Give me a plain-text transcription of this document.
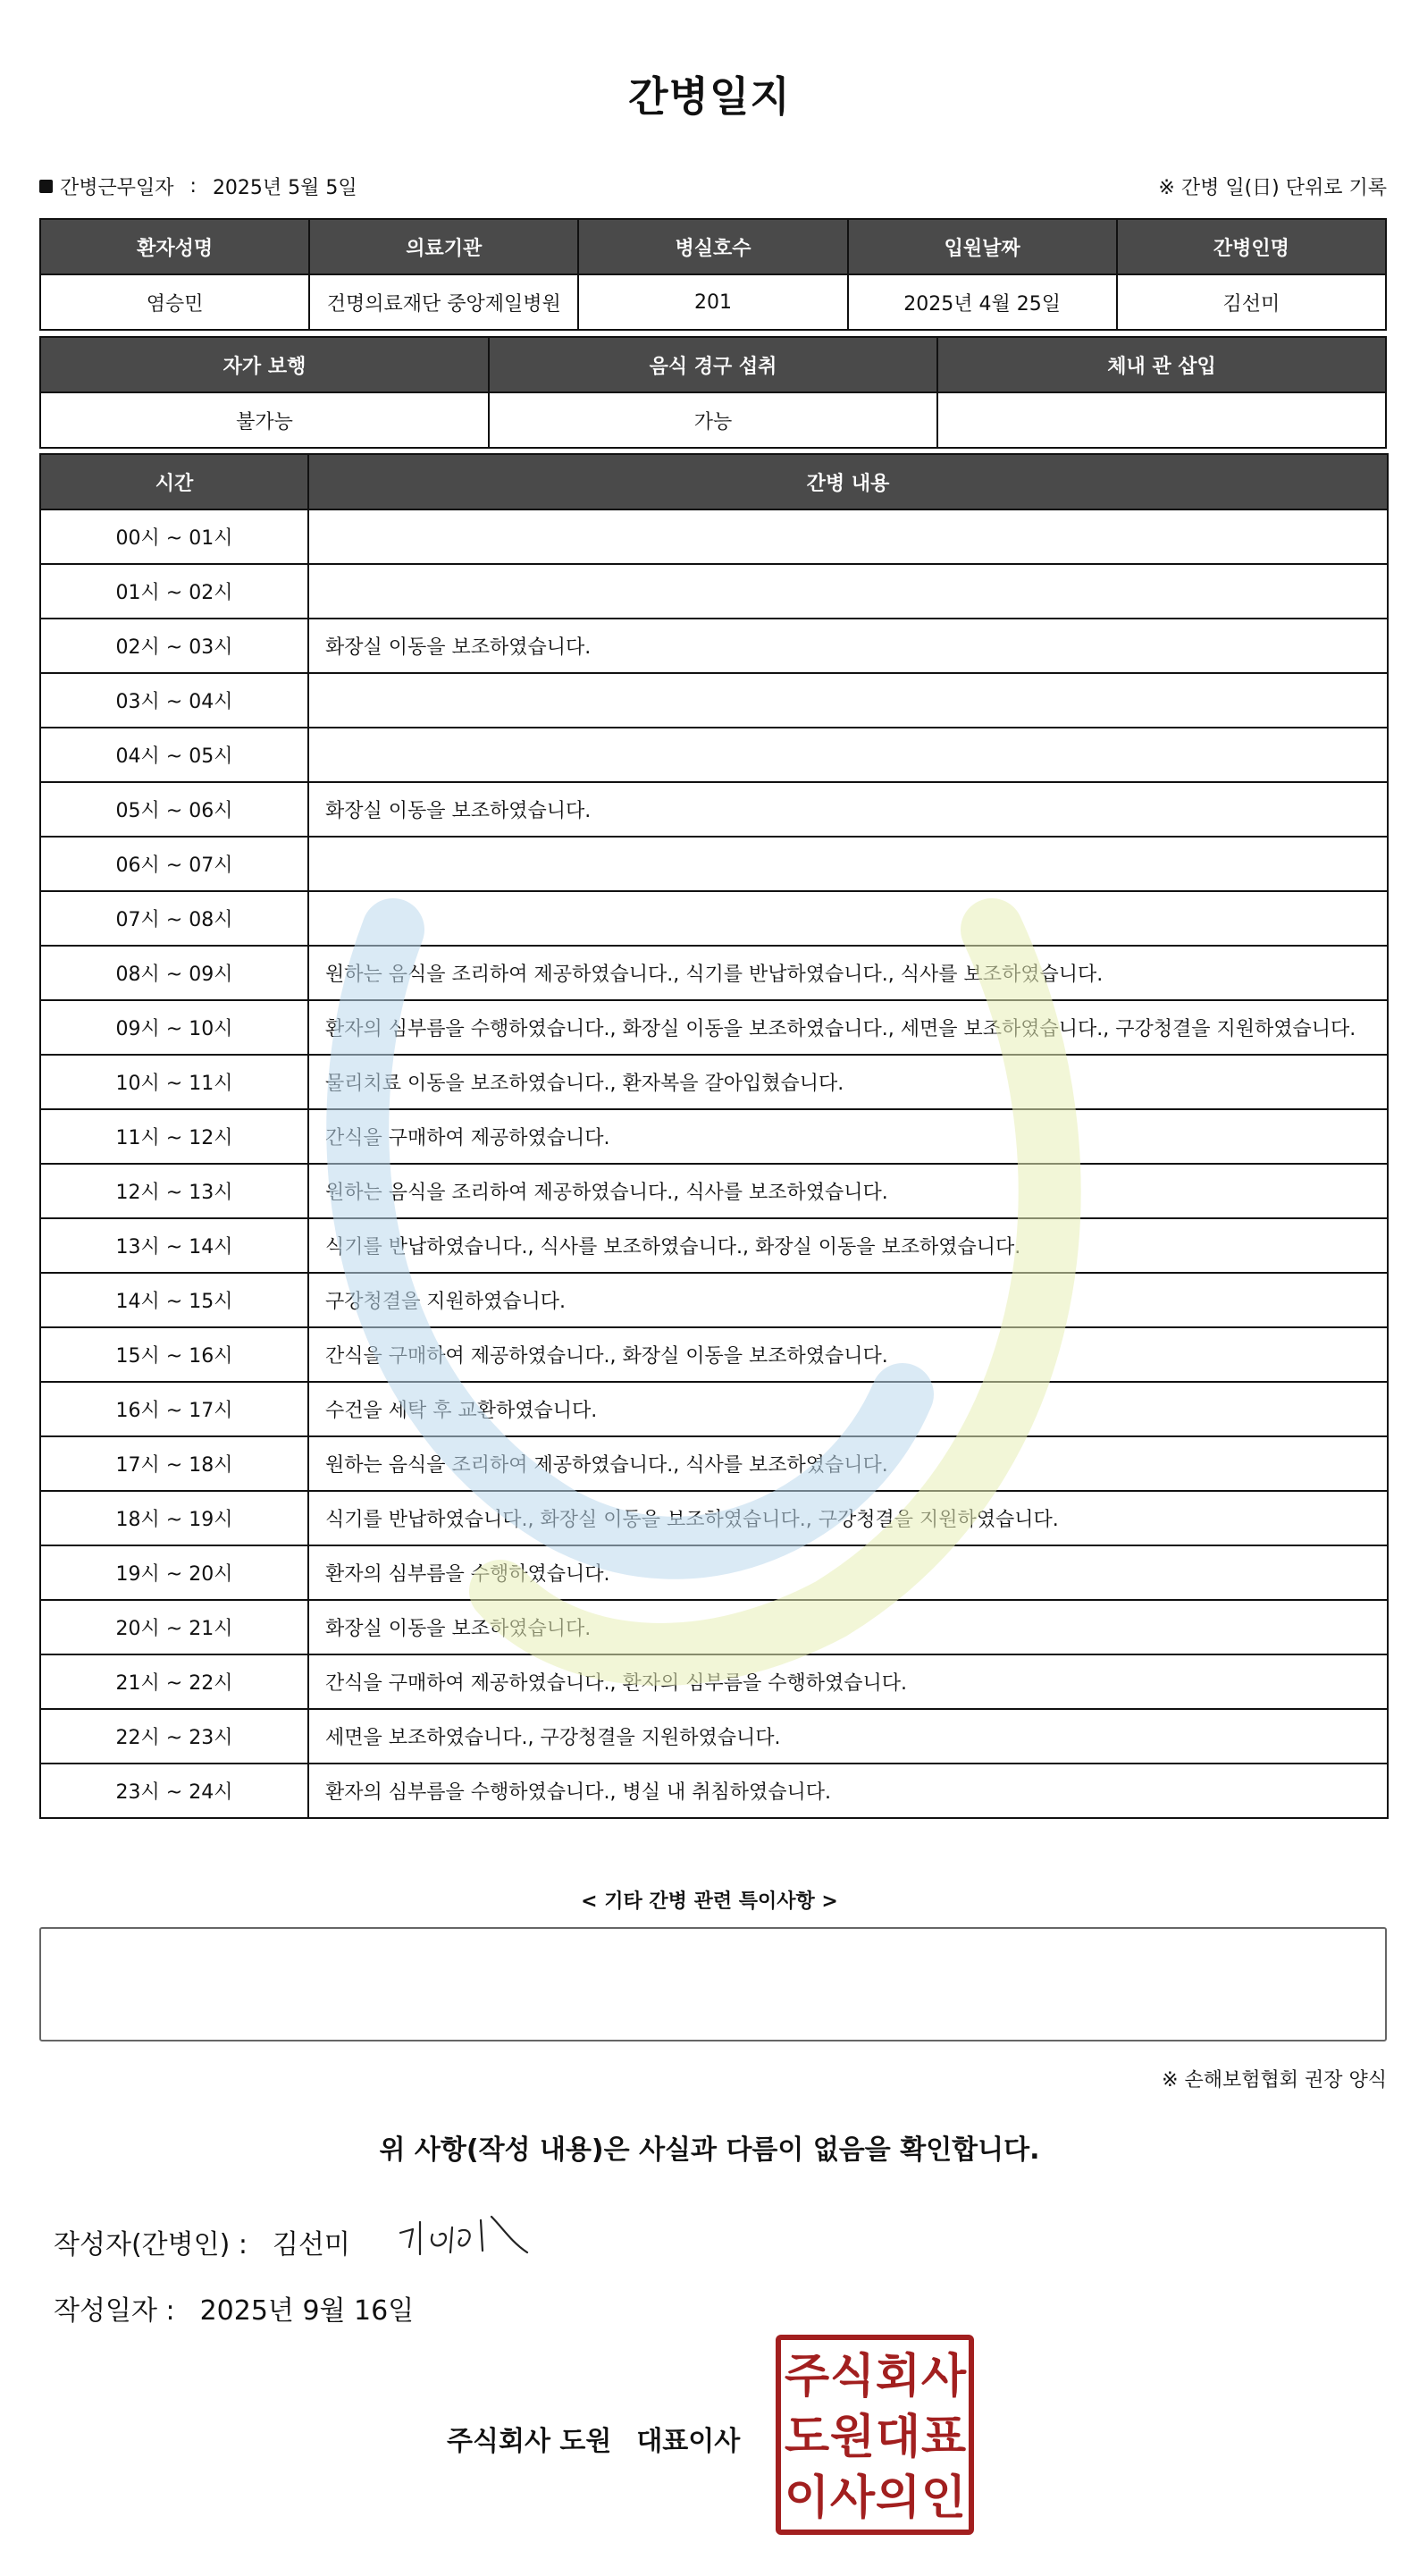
간병일지
간병근무일자 : 2025년 5월 5일	※ 간병 일(日) 단위로 기록
환자성명	의료기관	병실호수	입원날짜	간병인명
염승민	건명의료재단 중앙제일병원	201	2025년 4월 25일	김선미
자가 보행	음식 경구 섭취	체내 관 삽입
불가능	가능	
시간	간병 내용
00시 ~ 01시	
01시 ~ 02시	
02시 ~ 03시	화장실 이동을 보조하였습니다.
03시 ~ 04시	
04시 ~ 05시	
05시 ~ 06시	화장실 이동을 보조하였습니다.
06시 ~ 07시	
07시 ~ 08시	
08시 ~ 09시	원하는 음식을 조리하여 제공하였습니다., 식기를 반납하였습니다., 식사를 보조하였습니다.
09시 ~ 10시	환자의 심부름을 수행하였습니다., 화장실 이동을 보조하였습니다., 세면을 보조하였습니다., 구강청결을 지원하였습니다.
10시 ~ 11시	물리치료 이동을 보조하였습니다., 환자복을 갈아입혔습니다.
11시 ~ 12시	간식을 구매하여 제공하였습니다.
12시 ~ 13시	원하는 음식을 조리하여 제공하였습니다., 식사를 보조하였습니다.
13시 ~ 14시	식기를 반납하였습니다., 식사를 보조하였습니다., 화장실 이동을 보조하였습니다.
14시 ~ 15시	구강청결을 지원하였습니다.
15시 ~ 16시	간식을 구매하여 제공하였습니다., 화장실 이동을 보조하였습니다.
16시 ~ 17시	수건을 세탁 후 교환하였습니다.
17시 ~ 18시	원하는 음식을 조리하여 제공하였습니다., 식사를 보조하였습니다.
18시 ~ 19시	식기를 반납하였습니다., 화장실 이동을 보조하였습니다., 구강청결을 지원하였습니다.
19시 ~ 20시	환자의 심부름을 수행하였습니다.
20시 ~ 21시	화장실 이동을 보조하였습니다.
21시 ~ 22시	간식을 구매하여 제공하였습니다., 환자의 심부름을 수행하였습니다.
22시 ~ 23시	세면을 보조하였습니다., 구강청결을 지원하였습니다.
23시 ~ 24시	환자의 심부름을 수행하였습니다., 병실 내 취침하였습니다.
< 기타 간병 관련 특이사항 >
※ 손해보험협회 권장 양식
위 사항(작성 내용)은 사실과 다름이 없음을 확인합니다.
작성자(간병인) : 김선미
작성일자 : 2025년 9월 16일
주식회사 도원 대표이사
주 식 회 사
도 원 대 표
이 사 의 인
